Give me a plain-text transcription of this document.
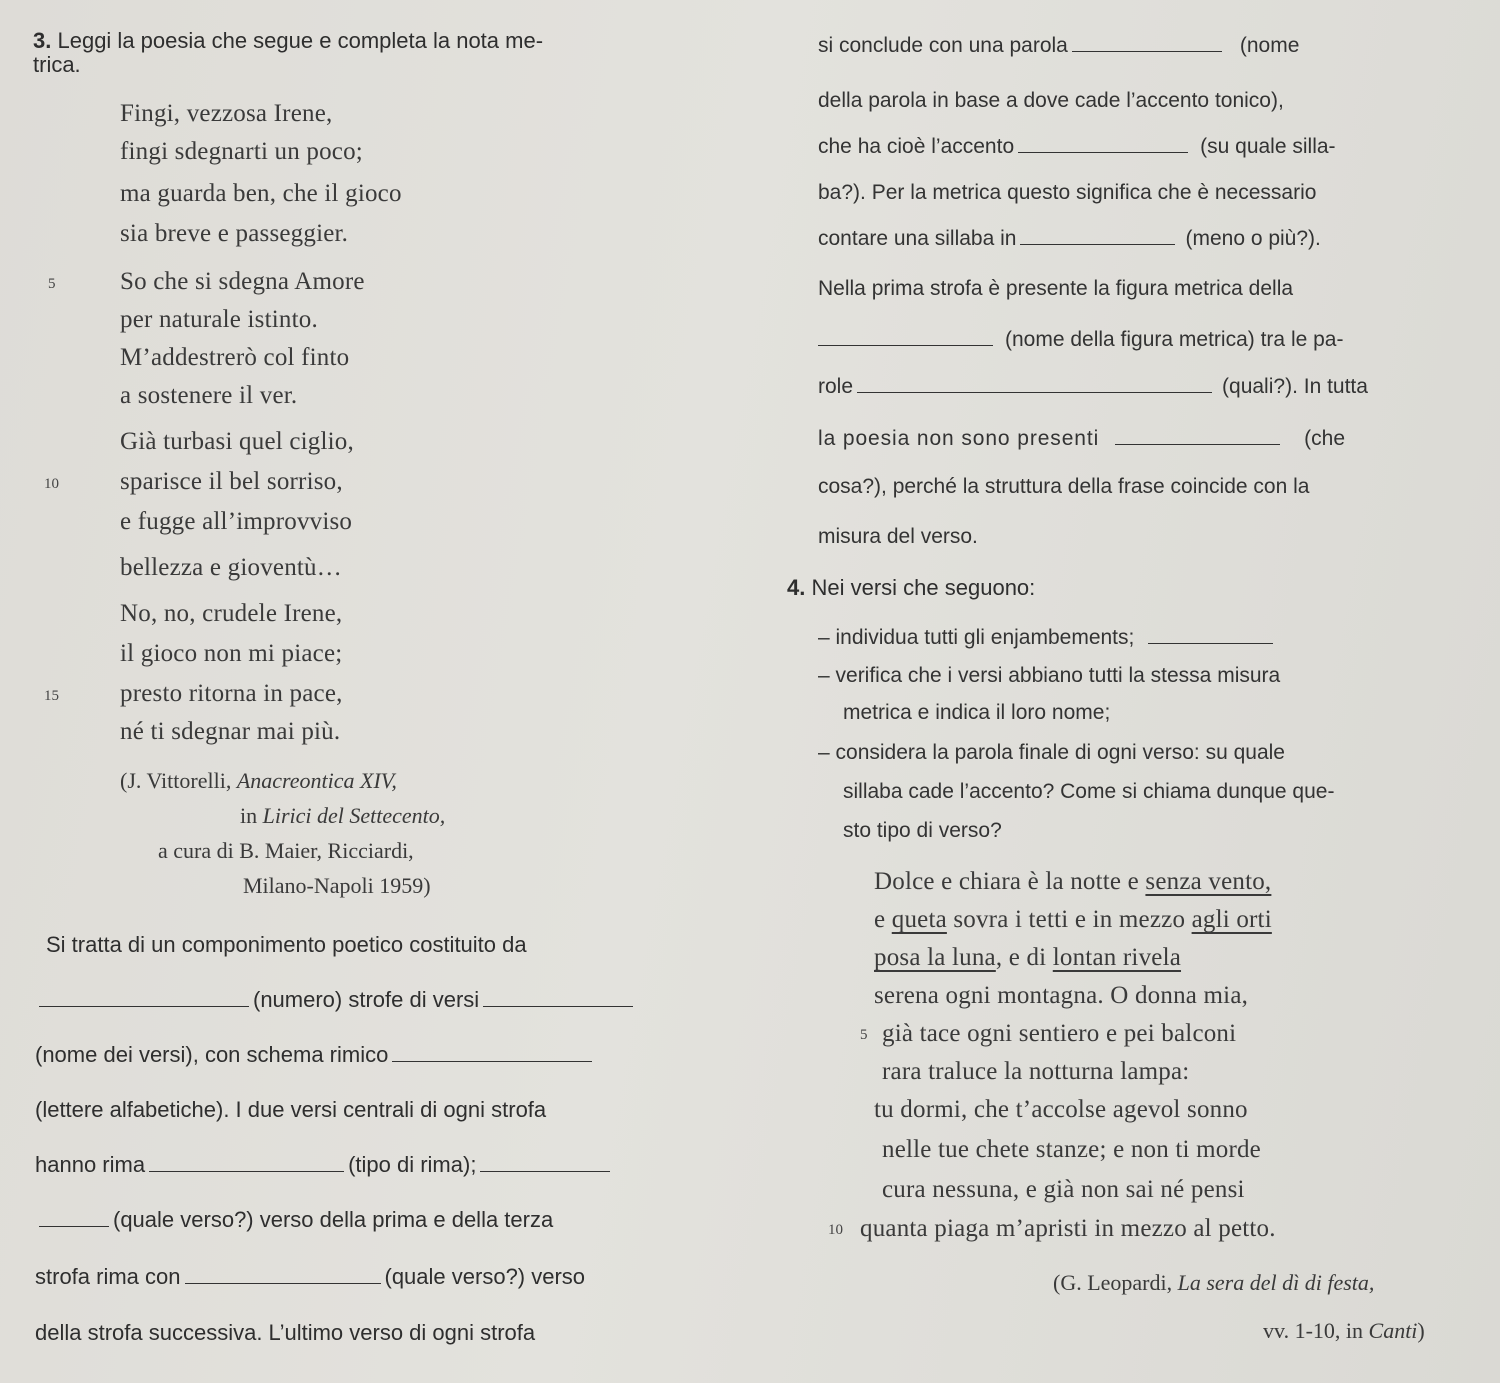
3. Leggi la poesia che segue e completa la nota me-
trica.
Fingi, vezzosa Irene,
fingi sdegnarti un poco;
ma guarda ben, che il gioco
sia breve e passeggier.
5	So che si sdegna Amore
per naturale istinto.
M’addestrerò col finto
a sostenere il ver.
Già turbasi quel ciglio,
10 sparisce il bel sorriso,
e fugge all’improvviso
bellezza e gioventù…
No, no, crudele Irene,
il gioco non mi piace;
15 presto ritorna in pace,
né ti sdegnar mai più.
(J. Vittorelli, Anacreontica XIV,
in Lirici del Settecento,
a cura di B. Maier, Ricciardi,
Milano-Napoli 1959)
Si tratta di un componimento poetico costituito da
(numero) strofe di versi
(nome dei versi), con schema rimico
(lettere alfabetiche). I due versi centrali di ogni strofa
hanno rima	(tipo di rima);
(quale verso?) verso della prima e della terza
strofa rima con	(quale verso?) verso
della strofa successiva. L’ultimo verso di ogni strofa
si conclude con una parola	(nome
della parola in base a dove cade l’accento tonico),
che ha cioè l’accento	(su quale silla-
ba?). Per la metrica questo significa che è necessario
contare una sillaba in	(meno o più?).
Nella prima strofa è presente la figura metrica della
(nome della figura metrica) tra le pa-
role	(quali?). In tutta
la poesia non sono presenti	(che
cosa?), perché la struttura della frase coincide con la
misura del verso.
4. Nei versi che seguono:
– individua tutti gli enjambements;
– verifica che i versi abbiano tutti la stessa misura
metrica e indica il loro nome;
– considera la parola finale di ogni verso: su quale
sillaba cade l’accento? Come si chiama dunque que-
sto tipo di verso?
Dolce e chiara è la notte e senza vento,
e queta sovra i tetti e in mezzo agli orti
posa la luna, e di lontan rivela
serena ogni montagna. O donna mia,
5 già tace ogni sentiero e pei balconi
rara traluce la notturna lampa:
tu dormi, che t’accolse agevol sonno
nelle tue chete stanze; e non ti morde
cura nessuna, e già non sai né pensi
10 quanta piaga m’apristi in mezzo al petto.
(G. Leopardi, La sera del dì di festa,
vv. 1-10, in Canti)
